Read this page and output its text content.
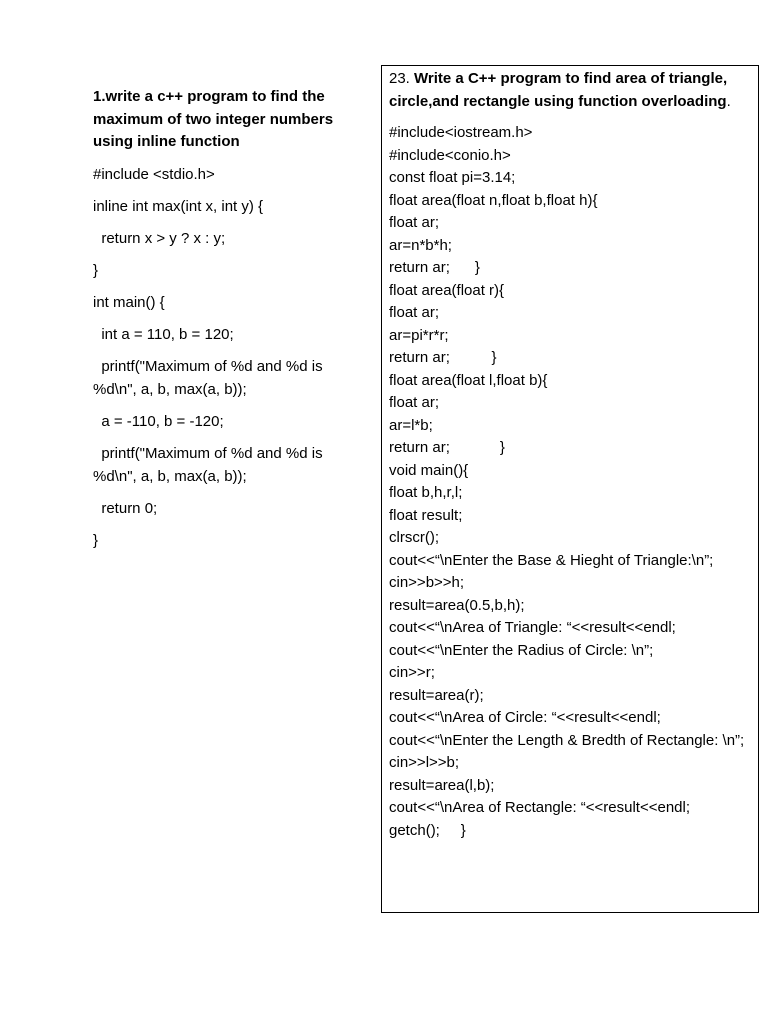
1.write a c++ program to find the maximum of two integer numbers using inline function

#include <stdio.h>
inline int max(int x, int y) {
return x > y ? x : y;
}
int main() {
int a = 110, b = 120;
printf("Maximum of %d and %d is %d\n", a, b, max(a, b));
a = -110, b = -120;
printf("Maximum of %d and %d is %d\n", a, b, max(a, b));
return 0;
}
23. Write a C++ program to find area of triangle, circle,and rectangle using function overloading.
#include<iostream.h>
#include<conio.h>
const float pi=3.14;
float area(float n,float b,float h){
float ar;
ar=n*b*h;
return ar;      }
float area(float r){
float ar;
ar=pi*r*r;
return ar;          }
float area(float l,float b){
float ar;
ar=l*b;
return ar;            }
void main(){
float b,h,r,l;
float result;
clrscr();
cout<<“\nEnter the Base & Hieght of Triangle:\n”;
cin>>b>>h;
result=area(0.5,b,h);
cout<<“\nArea of Triangle: “<<result<<endl;
cout<<“\nEnter the Radius of Circle: \n”;
cin>>r;
result=area(r);
cout<<“\nArea of Circle: “<<result<<endl;
cout<<“\nEnter the Length & Bredth of Rectangle: \n”;
cin>>l>>b;
result=area(l,b);
cout<<“\nArea of Rectangle: “<<result<<endl;
getch();     }
